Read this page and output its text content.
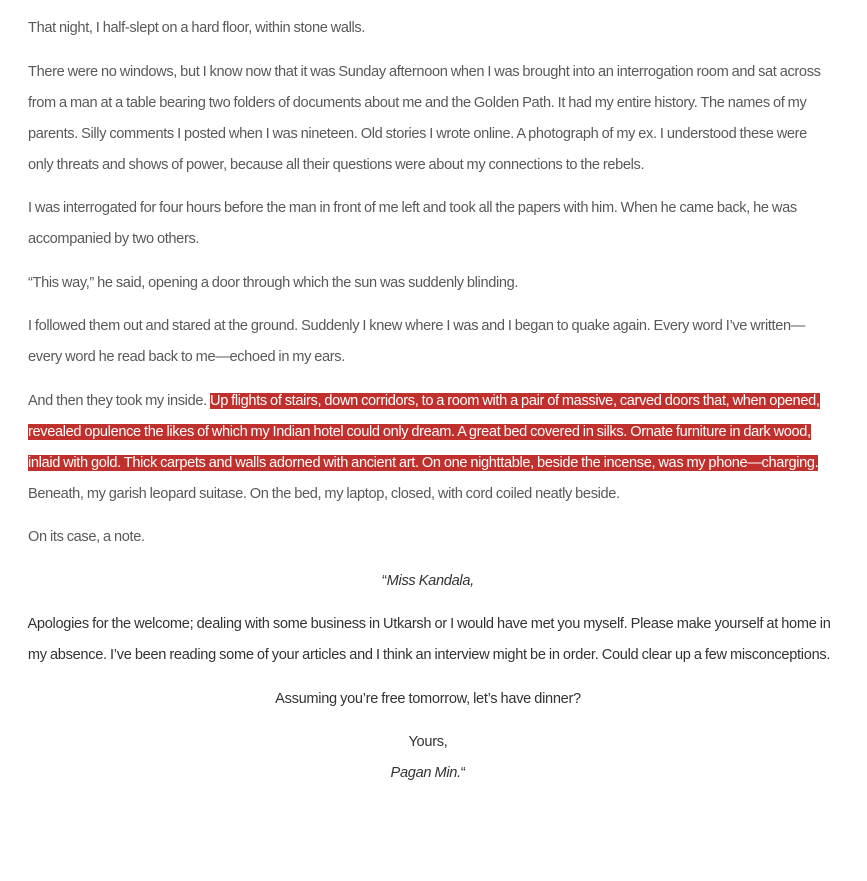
That night, I half-slept on a hard floor, within stone walls.

There were no windows, but I know now that it was Sunday afternoon when I was brought into an interrogation room and sat across from a man at a table bearing two folders of documents about me and the Golden Path. It had my entire history. The names of my parents. Silly comments I posted when I was nineteen. Old stories I wrote online. A photograph of my ex. I understood these were only threats and shows of power, because all their questions were about my connections to the rebels.

I was interrogated for four hours before the man in front of me left and took all the papers with him. When he came back, he was accompanied by two others.

“This way,” he said, opening a door through which the sun was suddenly blinding.

I followed them out and stared at the ground. Suddenly I knew where I was and I began to quake again. Every word I’ve written—every word he read back to me—echoed in my ears.

And then they took my inside. Up flights of stairs, down corridors, to a room with a pair of massive, carved doors that, when opened, revealed opulence the likes of which my Indian hotel could only dream. A great bed covered in silks. Ornate furniture in dark wood, inlaid with gold. Thick carpets and walls adorned with ancient art. On one nighttable, beside the incense, was my phone—charging. Beneath, my garish leopard suitase. On the bed, my laptop, closed, with cord coiled neatly beside.

On its case, a note.

“Miss Kandala,

Apologies for the welcome; dealing with some business in Utkarsh or I would have met you myself. Please make yourself at home in my absence. I’ve been reading some of your articles and I think an interview might be in order. Could clear up a few misconceptions.

Assuming you’re free tomorrow, let’s have dinner?

Yours,
Pagan Min.“
